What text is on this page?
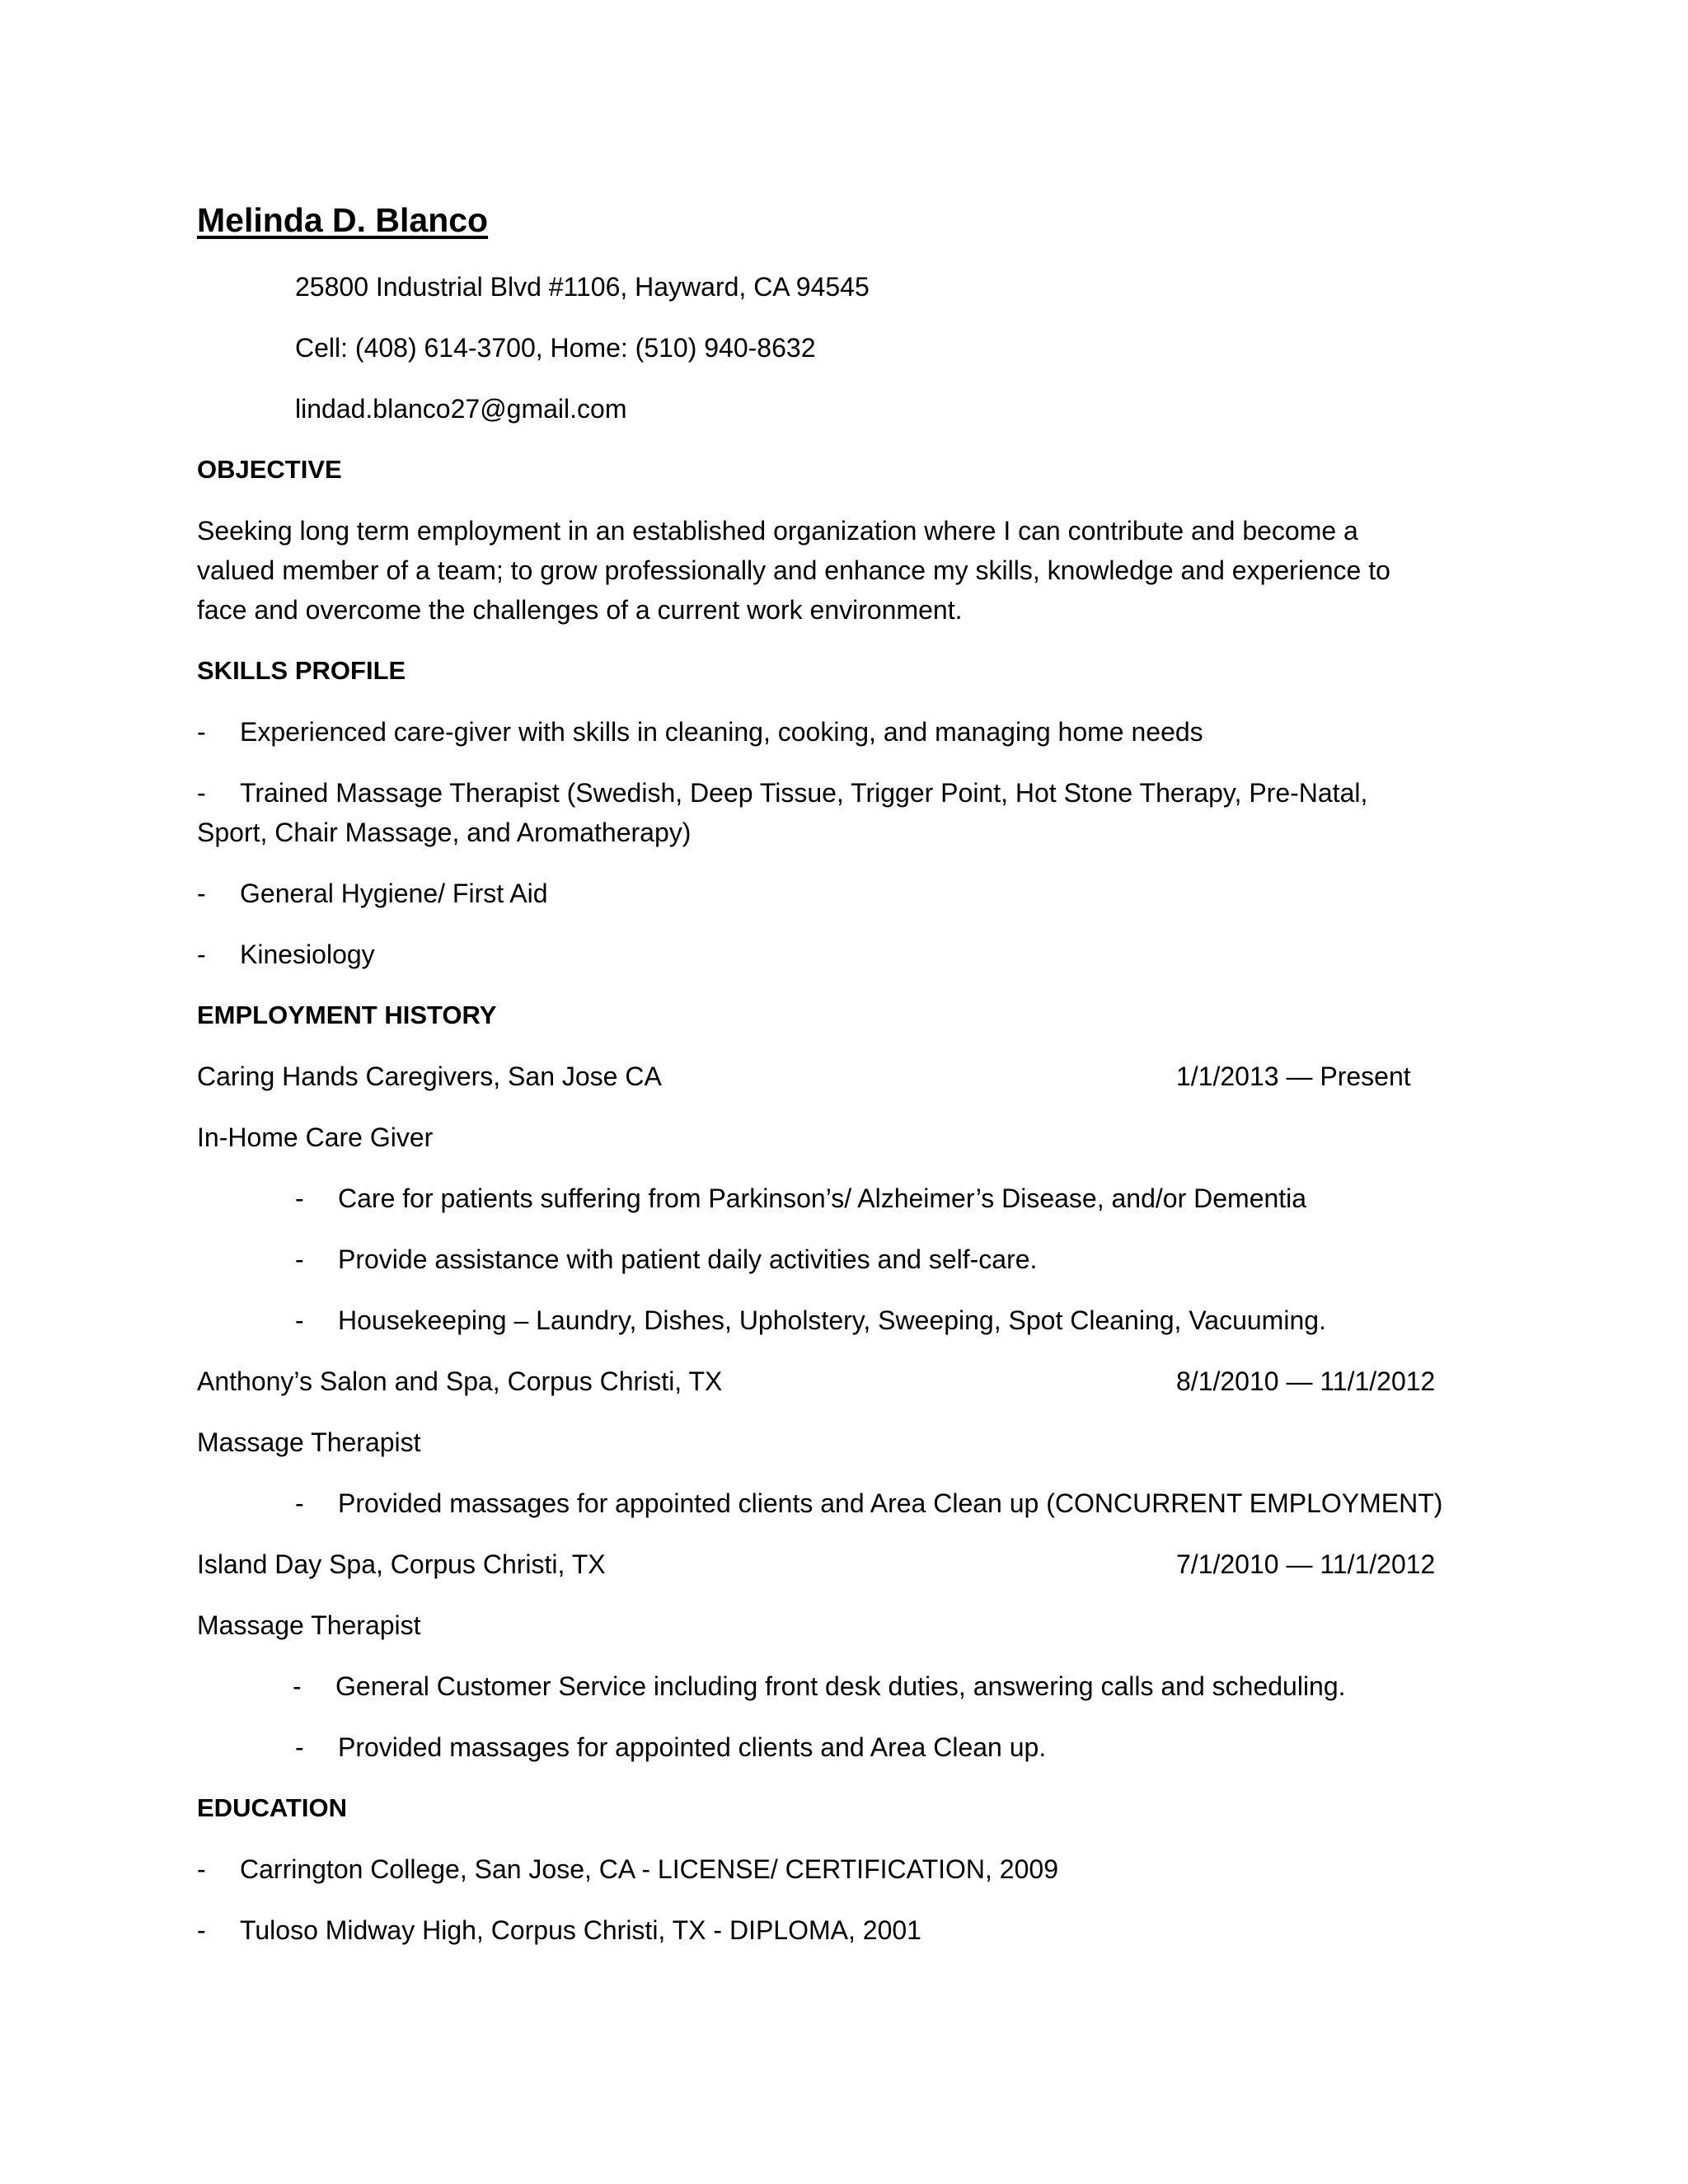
Melinda D. Blanco
25800 Industrial Blvd #1106, Hayward, CA 94545
Cell: (408) 614-3700, Home: (510) 940-8632
lindad.blanco27@gmail.com
OBJECTIVE
Seeking long term employment in an established organization where I can contribute and become a
valued member of a team; to grow professionally and enhance my skills, knowledge and experience to
face and overcome the challenges of a current work environment.
SKILLS PROFILE
- Experienced care-giver with skills in cleaning, cooking, and managing home needs
- Trained Massage Therapist (Swedish, Deep Tissue, Trigger Point, Hot Stone Therapy, Pre-Natal,
Sport, Chair Massage, and Aromatherapy)
- General Hygiene/ First Aid
- Kinesiology
EMPLOYMENT HISTORY
Caring Hands Caregivers, San Jose CA	1/1/2013 — Present
In-Home Care Giver
- Care for patients suffering from Parkinson’s/ Alzheimer’s Disease, and/or Dementia
- Provide assistance with patient daily activities and self-care.
- Housekeeping – Laundry, Dishes, Upholstery, Sweeping, Spot Cleaning, Vacuuming.
Anthony’s Salon and Spa, Corpus Christi, TX	8/1/2010 — 11/1/2012
Massage Therapist
- Provided massages for appointed clients and Area Clean up (CONCURRENT EMPLOYMENT)
Island Day Spa, Corpus Christi, TX	7/1/2010 — 11/1/2012
Massage Therapist
- General Customer Service including front desk duties, answering calls and scheduling.
- Provided massages for appointed clients and Area Clean up.
EDUCATION
- Carrington College, San Jose, CA - LICENSE/ CERTIFICATION, 2009
- Tuloso Midway High, Corpus Christi, TX - DIPLOMA, 2001
